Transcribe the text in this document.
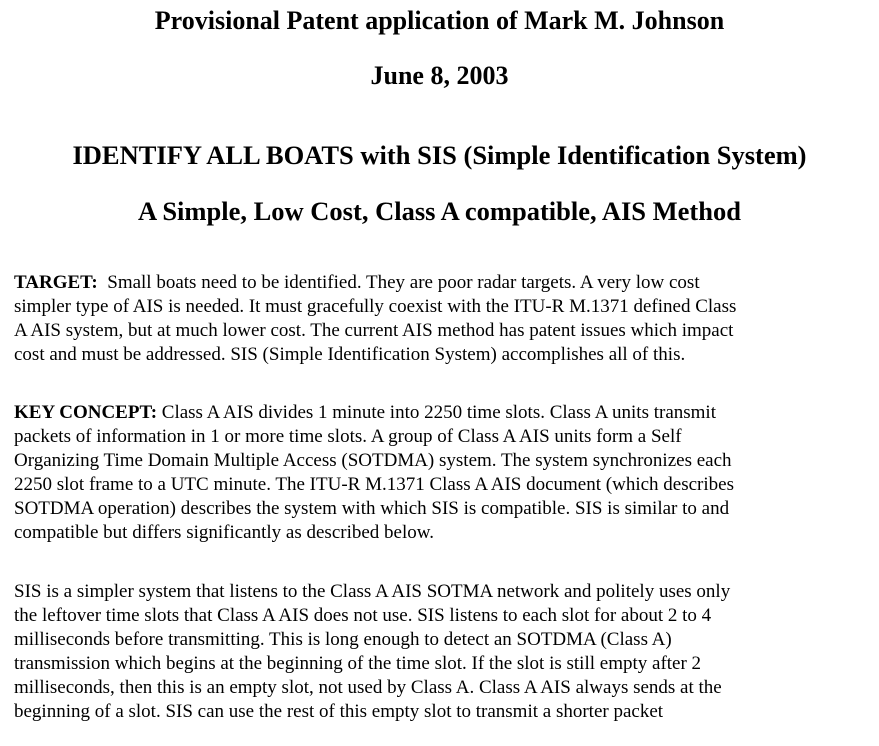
Provisional Patent application of Mark M. Johnson
June 8, 2003
IDENTIFY ALL BOATS with SIS (Simple Identification System)
A Simple, Low Cost, Class A compatible, AIS Method
TARGET:  Small boats need to be identified. They are poor radar targets. A very low cost
simpler type of AIS is needed. It must gracefully coexist with the ITU-R M.1371 defined Class
A AIS system, but at much lower cost. The current AIS method has patent issues which impact
cost and must be addressed. SIS (Simple Identification System) accomplishes all of this.
KEY CONCEPT: Class A AIS divides 1 minute into 2250 time slots. Class A units transmit
packets of information in 1 or more time slots. A group of Class A AIS units form a Self
Organizing Time Domain Multiple Access (SOTDMA) system. The system synchronizes each
2250 slot frame to a UTC minute. The ITU-R M.1371 Class A AIS document (which describes
SOTDMA operation) describes the system with which SIS is compatible. SIS is similar to and
compatible but differs significantly as described below.
SIS is a simpler system that listens to the Class A AIS SOTMA network and politely uses only
the leftover time slots that Class A AIS does not use. SIS listens to each slot for about 2 to 4
milliseconds before transmitting. This is long enough to detect an SOTDMA (Class A)
transmission which begins at the beginning of the time slot. If the slot is still empty after 2
milliseconds, then this is an empty slot, not used by Class A. Class A AIS always sends at the
beginning of a slot. SIS can use the rest of this empty slot to transmit a shorter packet
